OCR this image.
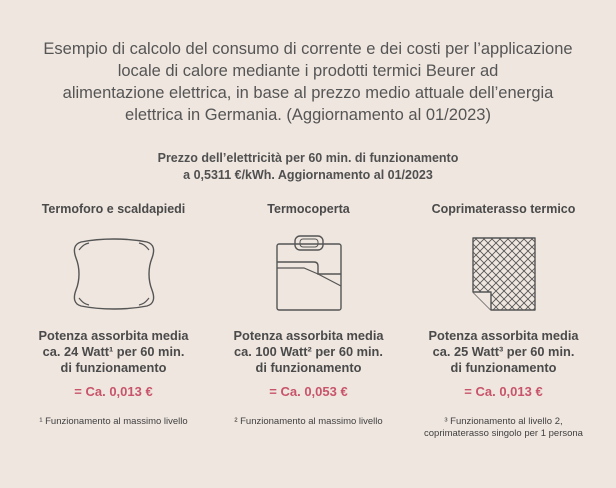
Esempio di calcolo del consumo di corrente e dei costi per l’applicazione
locale di calore mediante i prodotti termici Beurer ad
alimentazione elettrica, in base al prezzo medio attuale dell’energia
elettrica in Germania. (Aggiornamento al 01/2023)
Prezzo dell’elettricità per 60 min. di funzionamento
a 0,5311 €/kWh. Aggiornamento al 01/2023
Termoforo e scaldapiedi
Potenza assorbita media
ca. 24 Watt¹ per 60 min.
di funzionamento
= Ca. 0,013 €
¹ Funzionamento al massimo livello
Termocoperta
Potenza assorbita media
ca. 100 Watt² per 60 min.
di funzionamento
= Ca. 0,053 €
² Funzionamento al massimo livello
Coprimaterasso termico
Potenza assorbita media
ca. 25 Watt³ per 60 min.
di funzionamento
= Ca. 0,013 €
³ Funzionamento al livello 2,
coprimaterasso singolo per 1 persona
